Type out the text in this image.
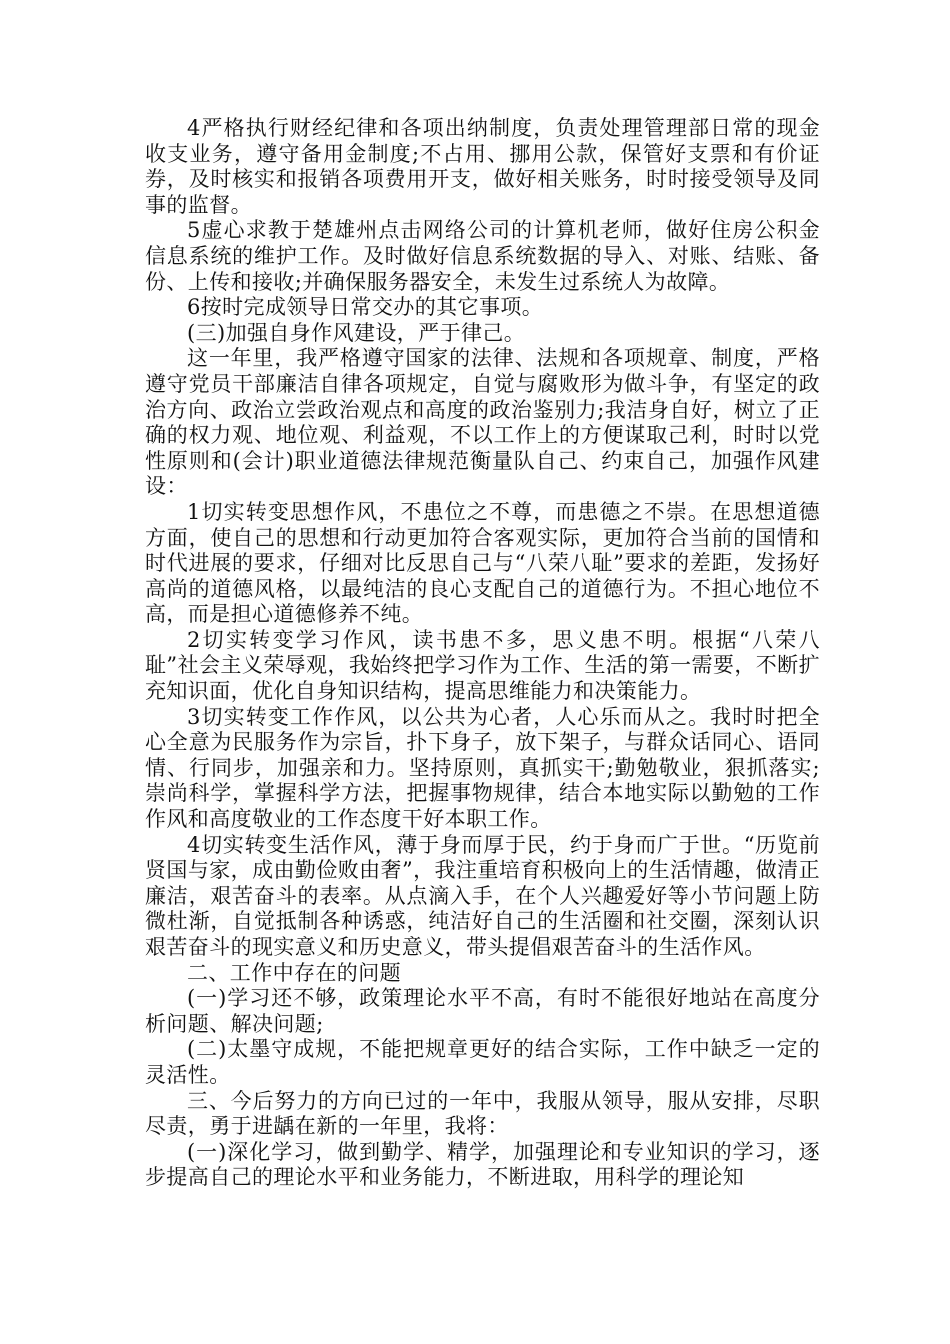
4严格执行财经纪律和各项出纳制度，负责处理管理部日常的现金收支业务，遵守备用金制度;不占用、挪用公款，保管好支票和有价证券，及时核实和报销各项费用开支，做好相关账务，时时接受领导及同事的监督。

5虚心求教于楚雄州点击网络公司的计算机老师，做好住房公积金信息系统的维护工作。及时做好信息系统数据的导入、对账、结账、备份、上传和接收;并确保服务器安全，未发生过系统人为故障。

6按时完成领导日常交办的其它事项。

(三)加强自身作风建设，严于律己。

这一年里，我严格遵守国家的法律、法规和各项规章、制度，严格遵守党员干部廉洁自律各项规定，自觉与腐败形为做斗争，有坚定的政治方向、政治立尝政治观点和高度的政治鉴别力;我洁身自好，树立了正确的权力观、地位观、利益观，不以工作上的方便谋取己利，时时以党性原则和(会计)职业道德法律规范衡量队自己、约束自己，加强作风建设：

1切实转变思想作风，不患位之不尊，而患德之不崇。在思想道德方面，使自己的思想和行动更加符合客观实际，更加符合当前的国情和时代进展的要求，仔细对比反思自己与“八荣八耻”要求的差距，发扬好高尚的道德风格，以最纯洁的良心支配自己的道德行为。不担心地位不高，而是担心道德修养不纯。

2切实转变学习作风，读书患不多，思义患不明。根据“八荣八耻”社会主义荣辱观，我始终把学习作为工作、生活的第一需要，不断扩充知识面，优化自身知识结构，提高思维能力和决策能力。

3切实转变工作作风，以公共为心者，人心乐而从之。我时时把全心全意为民服务作为宗旨，扑下身子，放下架子，与群众话同心、语同情、行同步，加强亲和力。坚持原则，真抓实干;勤勉敬业，狠抓落实;崇尚科学，掌握科学方法，把握事物规律，结合本地实际以勤勉的工作作风和高度敬业的工作态度干好本职工作。

4切实转变生活作风，薄于身而厚于民，约于身而广于世。“历览前贤国与家，成由勤俭败由奢”，我注重培育积极向上的生活情趣，做清正廉洁，艰苦奋斗的表率。从点滴入手，在个人兴趣爱好等小节问题上防微杜渐，自觉抵制各种诱惑，纯洁好自己的生活圈和社交圈，深刻认识艰苦奋斗的现实意义和历史意义，带头提倡艰苦奋斗的生活作风。

二、工作中存在的问题

(一)学习还不够，政策理论水平不高，有时不能很好地站在高度分析问题、解决问题;

(二)太墨守成规，不能把规章更好的结合实际，工作中缺乏一定的灵活性。

三、今后努力的方向已过的一年中，我服从领导，服从安排，尽职尽责，勇于进龋在新的一年里，我将：

(一)深化学习，做到勤学、精学，加强理论和专业知识的学习，逐步提高自己的理论水平和业务能力，不断进取，用科学的理论知
